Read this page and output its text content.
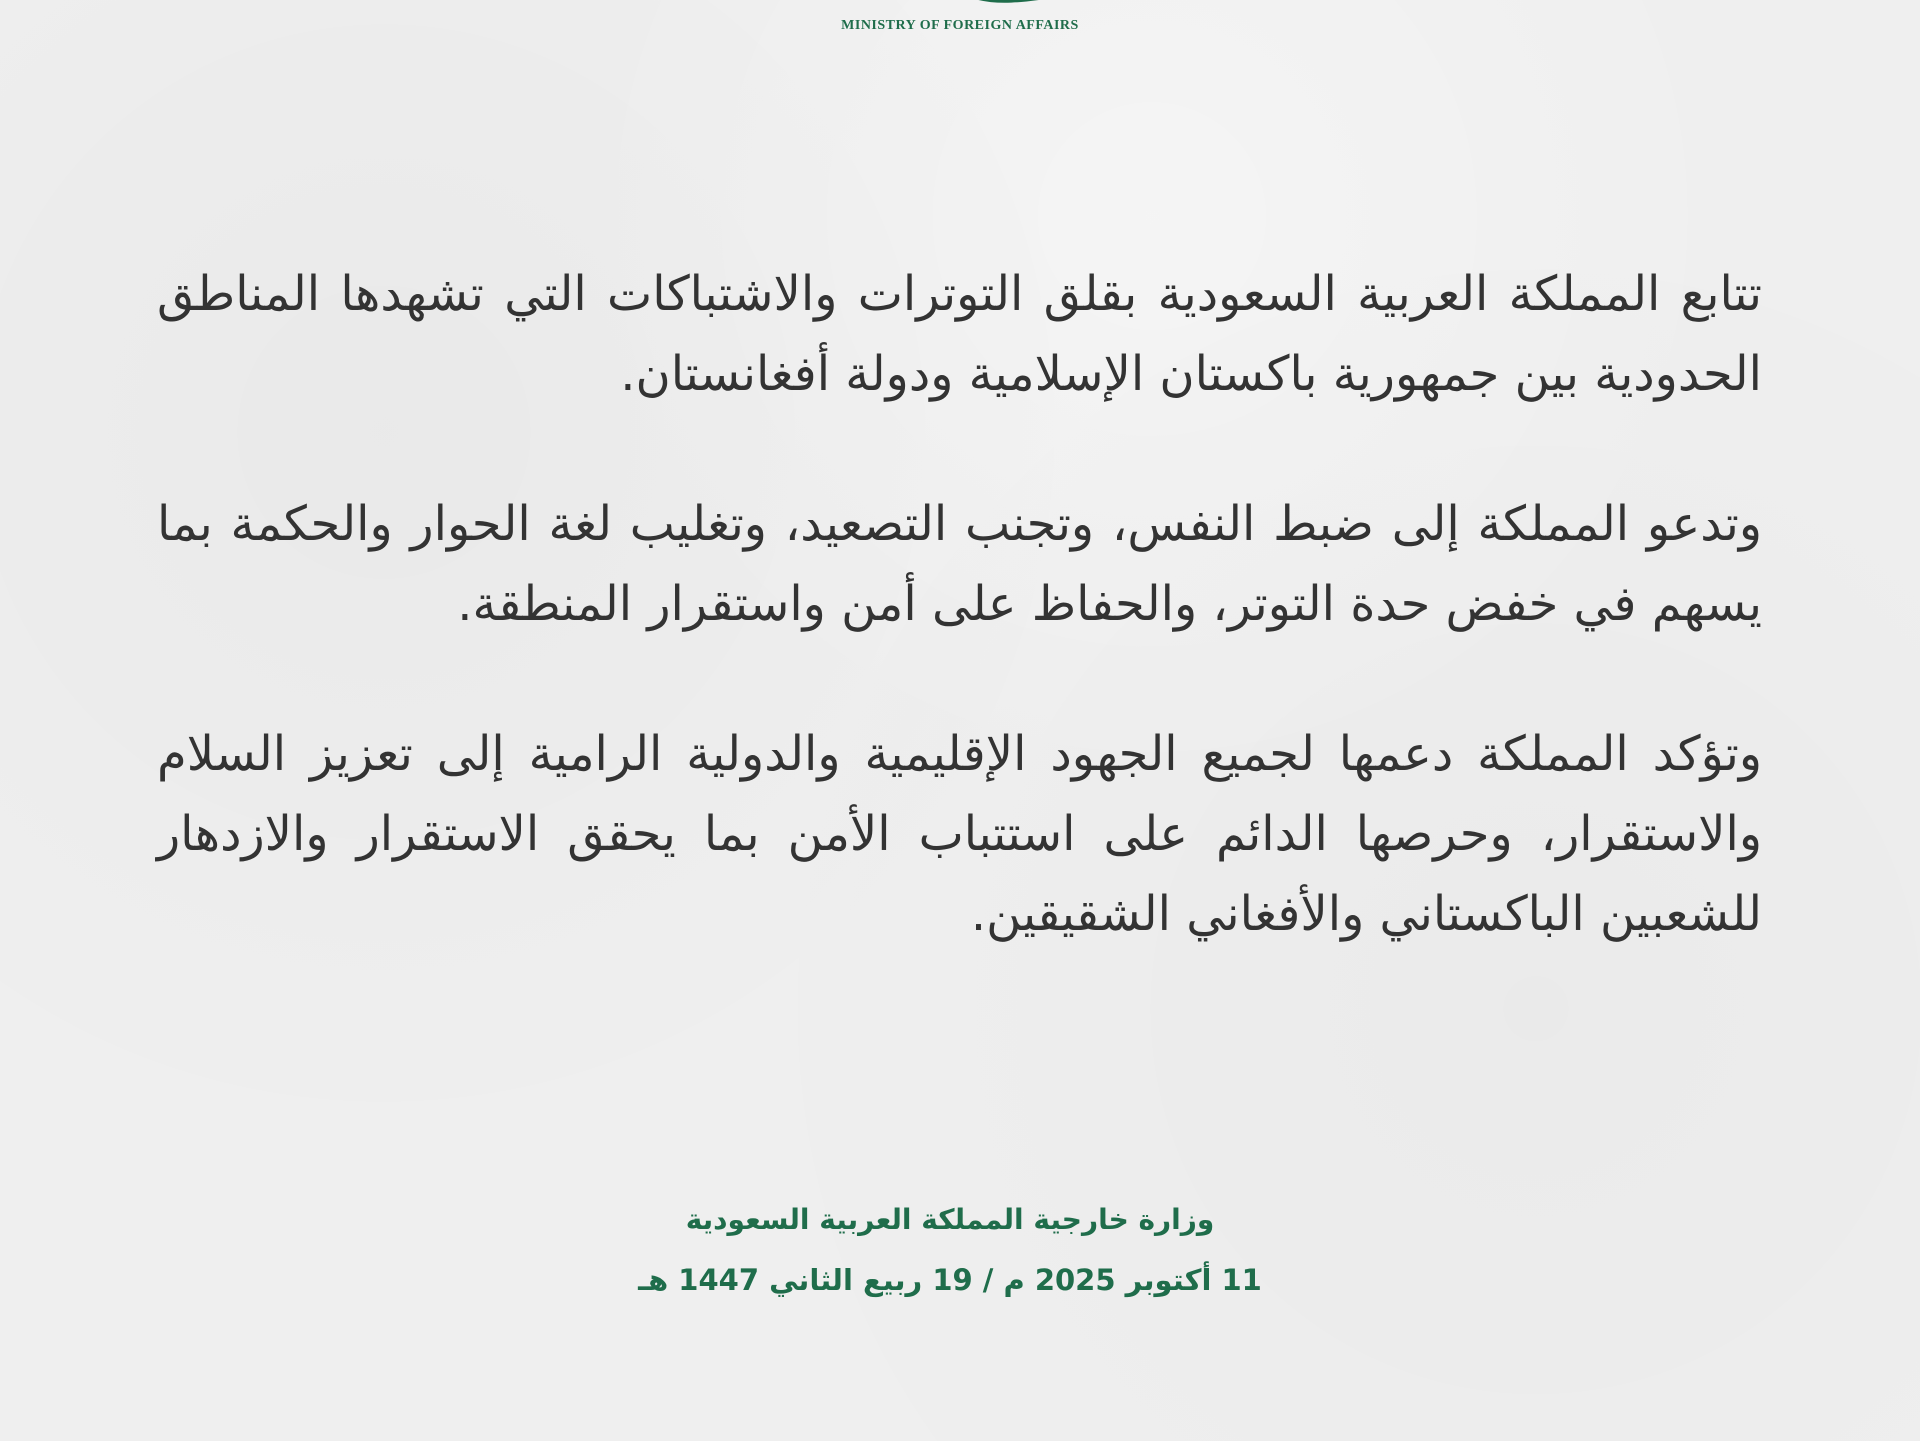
MINISTRY OF FOREIGN AFFAIRS

تتابع المملكة العربية السعودية بقلق التوترات والاشتباكات التي تشهدها المناطق الحدودية بين جمهورية باكستان الإسلامية ودولة أفغانستان.

وتدعو المملكة إلى ضبط النفس، وتجنب التصعيد، وتغليب لغة الحوار والحكمة بما يسهم في خفض حدة التوتر، والحفاظ على أمن واستقرار المنطقة.

وتؤكد المملكة دعمها لجميع الجهود الإقليمية والدولية الرامية إلى تعزيز السلام والاستقرار، وحرصها الدائم على استتباب الأمن بما يحقق الاستقرار والازدهار للشعبين الباكستاني والأفغاني الشقيقين.

وزارة خارجية المملكة العربية السعودية
11 أكتوبر 2025 م / 19 ربيع الثاني 1447 هـ
